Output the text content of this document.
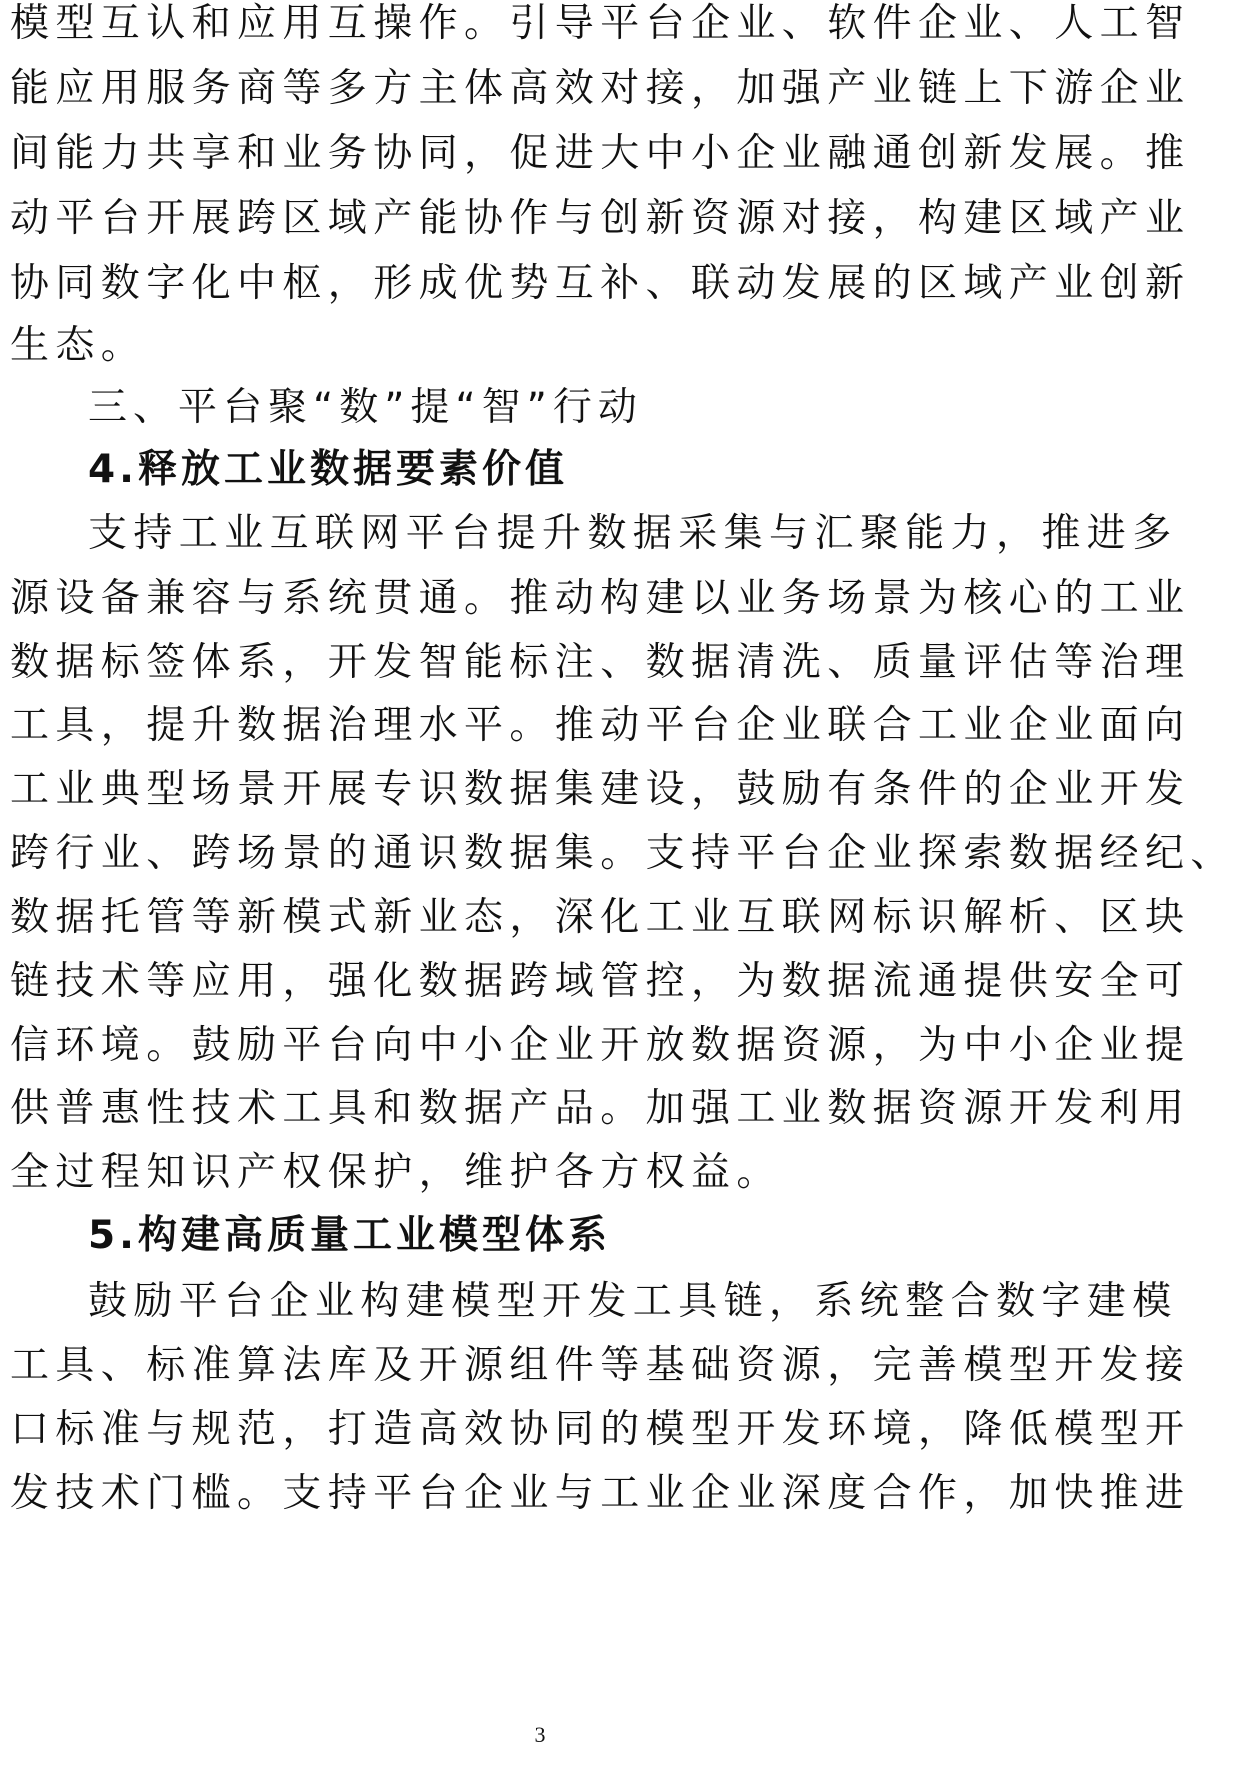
模型互认和应用互操作。引导平台企业、软件企业、人工智
能应用服务商等多方主体高效对接，加强产业链上下游企业
间能力共享和业务协同，促进大中小企业融通创新发展。推
动平台开展跨区域产能协作与创新资源对接，构建区域产业
协同数字化中枢，形成优势互补、联动发展的区域产业创新
生态。
三、平台聚“数”提“智”行动
4.释放工业数据要素价值
支持工业互联网平台提升数据采集与汇聚能力，推进多
源设备兼容与系统贯通。推动构建以业务场景为核心的工业
数据标签体系，开发智能标注、数据清洗、质量评估等治理
工具，提升数据治理水平。推动平台企业联合工业企业面向
工业典型场景开展专识数据集建设，鼓励有条件的企业开发
跨行业、跨场景的通识数据集。支持平台企业探索数据经纪、
数据托管等新模式新业态，深化工业互联网标识解析、区块
链技术等应用，强化数据跨域管控，为数据流通提供安全可
信环境。鼓励平台向中小企业开放数据资源，为中小企业提
供普惠性技术工具和数据产品。加强工业数据资源开发利用
全过程知识产权保护，维护各方权益。
5.构建高质量工业模型体系
鼓励平台企业构建模型开发工具链，系统整合数字建模
工具、标准算法库及开源组件等基础资源，完善模型开发接
口标准与规范，打造高效协同的模型开发环境，降低模型开
发技术门槛。支持平台企业与工业企业深度合作，加快推进
3
